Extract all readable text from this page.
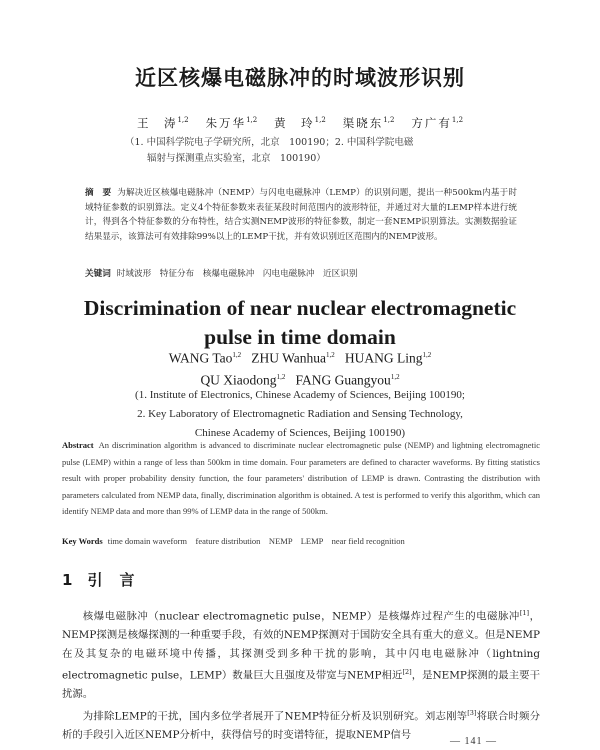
近区核爆电磁脉冲的时域波形识别
王　涛$^{1,2}$ 朱万华$^{1,2}$ 黄　玲$^{1,2}$ 渠晓东$^{1,2}$ 方广有$^{1,2}$
（1. 中国科学院电子学研究所，北京　100190；2. 中国科学院电磁
辐射与探测重点实验室，北京　100190）
摘　要 为解决近区核爆电磁脉冲（NEMP）与闪电电磁脉冲（LEMP）的识别问题，提出一种500km内基于时域特征参数的识别算法。定义4个特征参数来表征某段时间范围内的波形特征，并通过对大量的LEMP样本进行统计，得到各个特征参数的分布特性，结合实测NEMP波形的特征参数，制定一套NEMP识别算法。实测数据验证结果显示，该算法可有效排除99%以上的LEMP干扰，并有效识别近区范围内的NEMP波形。
关键词 时域波形　特征分布　核爆电磁脉冲　闪电电磁脉冲　近区识别
Discrimination of near nuclear electromagnetic
pulse in time domain
WANG Tao$^{1,2}$ ZHU Wanhua$^{1,2}$ HUANG Ling$^{1,2}$
QU Xiaodong$^{1,2}$ FANG Guangyou$^{1,2}$
(1. Institute of Electronics, Chinese Academy of Sciences, Beijing 100190;
2. Key Laboratory of Electromagnetic Radiation and Sensing Technology,
Chinese Academy of Sciences, Beijing 100190)
Abstract An discrimination algorithm is advanced to discriminate nuclear electromagnetic pulse (NEMP) and lightning electromagnetic pulse (LEMP) within a range of less than 500km in time domain. Four parameters are defined to character waveforms. By fitting statistics result with proper probability density function, the four parameters' distribution of LEMP is drawn. Contrasting the distribution with parameters calculated from NEMP data, finally, discrimination algorithm is obtained. A test is performed to verify this algorithm, which can identify NEMP data and more than 99% of LEMP data in the range of 500km.
Key Words time domain waveform　feature distribution　NEMP　LEMP　near field recognition
1 引　言

核爆电磁脉冲（nuclear electromagnetic pulse，NEMP）是核爆炸过程产生的电磁脉冲[1]，NEMP探测是核爆探测的一种重要手段，有效的NEMP探测对于国防安全具有重大的意义。但是NEMP在及其复杂的电磁环境中传播，其探测受到多种干扰的影响，其中闪电电磁脉冲（lightning electromagnetic pulse，LEMP）数量巨大且强度及带宽与NEMP相近[2]，是NEMP探测的最主要干扰源。

为排除LEMP的干扰，国内多位学者展开了NEMP特征分析及识别研究。刘志刚等[3]将联合时频分析的手段引入近区NEMP分析中，获得信号的时变谱特征，提取NEMP信号

— 141 —
